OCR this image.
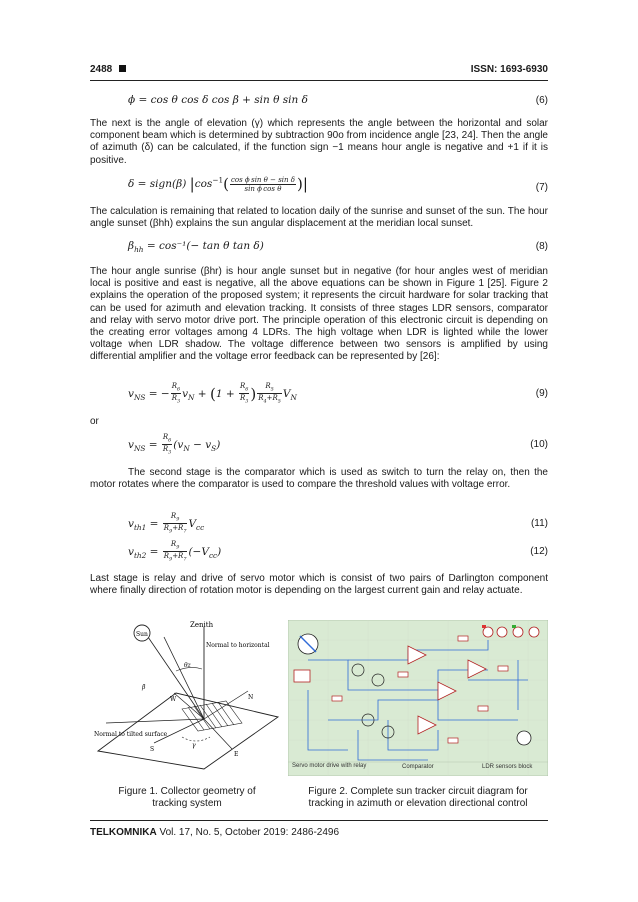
2488	ISSN: 1693-6930
ϕ = cos θ cos δ cos β + sin θ sin δ	(6)
The next is the angle of elevation (γ) which represents the angle between the horizontal and solar component beam which is determined by subtraction 90o from incidence angle [23, 24]. Then the angle of azimuth (δ) can be calculated, if the function sign −1 means hour angle is negative and +1 if it is positive.
δ = sign(β) $|\cos^{-1}( \frac{\text{cos ϕ sin θ − sin δ}}{\text{sin ϕ cos θ}}$ )|	(7)
The calculation is remaining that related to location daily of the sunrise and sunset of the sun. The hour angle sunset (βhh) explains the sun angular displacement at the meridian local sunset.
$\beta_{hh} = \cos^{-1}(- \tan \theta$ tan δ)	(8)
The hour angle sunrise (βhr) is hour angle sunset but in negative (for hour angles west of meridian local is positive and east is negative, all the above equations can be shown in Figure 1 [25]. Figure 2 explains the operation of the proposed system; it represents the circuit hardware for solar tracking that can be used for azimuth and elevation tracking. It consists of three stages LDR sensors, comparator and relay with servo motor drive port. The principle operation of this electronic circuit is depending on the creating error voltages among 4 LDRs. The high voltage when LDR is lighted while the lower voltage when LDR shadow. The voltage difference between two sensors is amplified by using differential amplifier and the voltage error feedback can be represented by [26]:
$v_{NS}$ = − $\frac{R_6}{R_3} v_N + (1 + \frac{R_6}{R_3}$ ) $\frac{R_5}{R_4+R_5} V_N$	(9)
or
$v_{NS} = \frac{R_6}{R_3} (v_N - v_S)$	(10)
The second stage is the comparator which is used as switch to turn the relay on, then the motor rotates where the comparator is used to compare the threshold values with voltage error.
$v_{th1} = \frac{R_9}{R_9+R_7} V_{cc}$	(11)
$v_{th2} = \frac{R_9}{R_9+R_7} (-V_{cc})$	(12)
Last stage is relay and drive of servo motor which is consist of two pairs of Darlington component where finally direction of rotation motor is depending on the largest current gain and relay actuate.
Zenith
Sun
Normal to horizontal
Normal to tilted surface
θz
β
γ
W
S
N
E
Figure 1. Collector geometry of tracking system
Servo motor drive with relay	Comparator	LDR sensors block
Figure 2. Complete sun tracker circuit diagram for tracking in azimuth or elevation directional control
TELKOMNIKA Vol. 17, No. 5, October 2019: 2486-2496
